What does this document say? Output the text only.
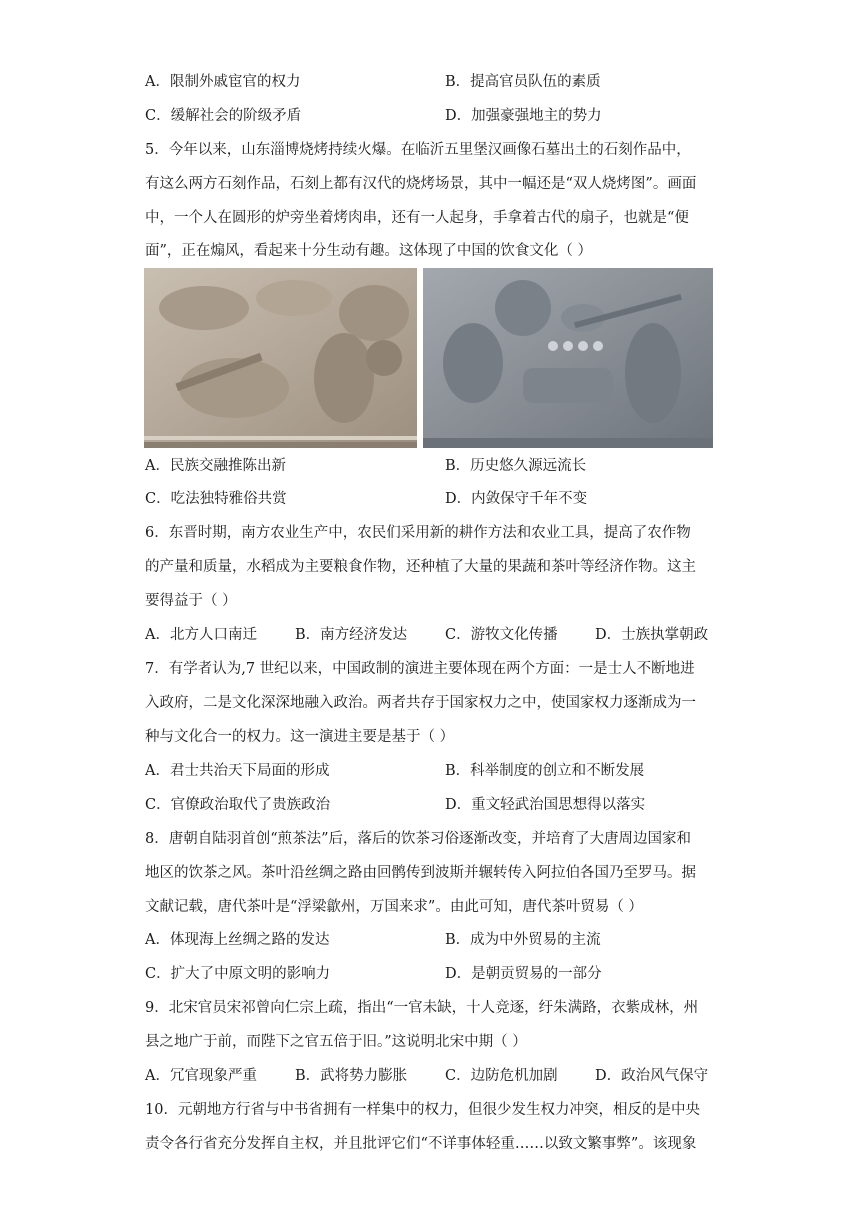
A．限制外戚宦官的权力	B．提高官员队伍的素质
C．缓解社会的阶级矛盾	D．加强豪强地主的势力
5．今年以来，山东淄博烧烤持续火爆。在临沂五里堡汉画像石墓出土的石刻作品中，
有这么两方石刻作品，石刻上都有汉代的烧烤场景，其中一幅还是“双人烧烤图”。画面
中，一个人在圆形的炉旁坐着烤肉串，还有一人起身，手拿着古代的扇子，也就是“便
面”，正在煽风，看起来十分生动有趣。这体现了中国的饮食文化（ ）
A．民族交融推陈出新	B．历史悠久源远流长
C．吃法独特雅俗共赏	D．内敛保守千年不变
6．东晋时期，南方农业生产中，农民们采用新的耕作方法和农业工具，提高了农作物
的产量和质量，水稻成为主要粮食作物，还种植了大量的果蔬和茶叶等经济作物。这主
要得益于（ ）
A．北方人口南迁	B．南方经济发达	C．游牧文化传播	D．士族执掌朝政
7．有学者认为,7 世纪以来，中国政制的演进主要体现在两个方面：一是士人不断地进
入政府，二是文化深深地融入政治。两者共存于国家权力之中，使国家权力逐渐成为一
种与文化合一的权力。这一演进主要是基于（ ）
A．君士共治天下局面的形成	B．科举制度的创立和不断发展
C．官僚政治取代了贵族政治	D．重文轻武治国思想得以落实
8．唐朝自陆羽首创“煎茶法”后，落后的饮茶习俗逐渐改变，并培育了大唐周边国家和
地区的饮茶之风。茶叶沿丝绸之路由回鹘传到波斯并辗转传入阿拉伯各国乃至罗马。据
文献记载，唐代茶叶是“浮梁歙州，万国来求”。由此可知，唐代茶叶贸易（ ）
A．体现海上丝绸之路的发达	B．成为中外贸易的主流
C．扩大了中原文明的影响力	D．是朝贡贸易的一部分
9．北宋官员宋祁曾向仁宗上疏，指出“一官未缺，十人竞逐，纡朱满路，衣紫成林，州
县之地广于前，而陛下之官五倍于旧。”这说明北宋中期（ ）
A．冗官现象严重	B．武将势力膨胀	C．边防危机加剧	D．政治风气保守
10．元朝地方行省与中书省拥有一样集中的权力，但很少发生权力冲突，相反的是中央
责令各行省充分发挥自主权，并且批评它们“不详事体轻重……以致文繁事弊”。该现象
